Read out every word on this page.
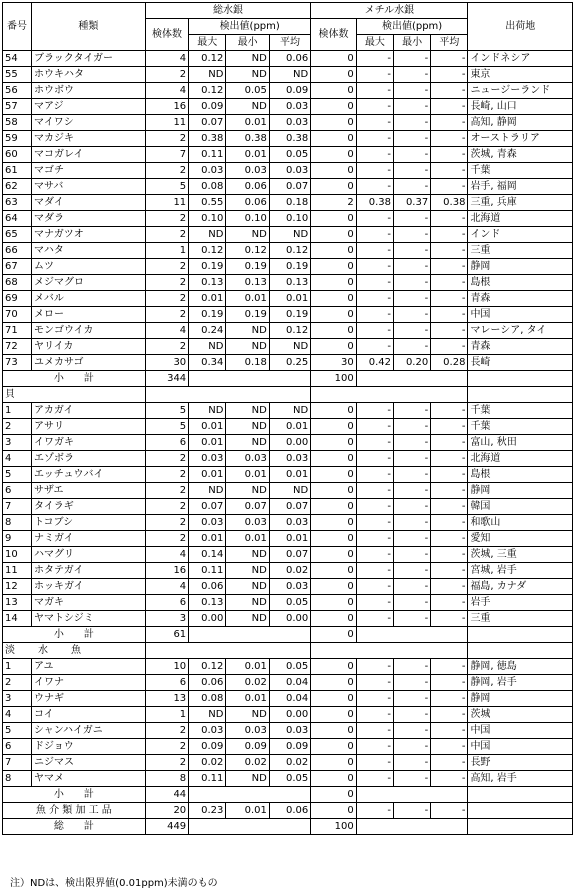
番号	種類	総水銀				メチル水銀				出荷地
		検体数	検出値(ppm)			検体数	検出値(ppm)			
			最大	最小	平均		最大	最小	平均	
54	ブラックタイガー	4	0.12	ND	0.06	0	-	-	-	インドネシア
55	ホウキハタ	2	ND	ND	ND	0	-	-	-	東京
56	ホウボウ	4	0.12	0.05	0.09	0	-	-	-	ニュージーランド
57	マアジ	16	0.09	ND	0.03	0	-	-	-	長崎, 山口
58	マイワシ	11	0.07	0.01	0.03	0	-	-	-	高知, 静岡
59	マカジキ	2	0.38	0.38	0.38	0	-	-	-	オーストラリア
60	マコガレイ	7	0.11	0.01	0.05	0	-	-	-	茨城, 青森
61	マゴチ	2	0.03	0.03	0.03	0	-	-	-	千葉
62	マサバ	5	0.08	0.06	0.07	0	-	-	-	岩手, 福岡
63	マダイ	11	0.55	0.06	0.18	2	0.38	0.37	0.38	三重, 兵庫
64	マダラ	2	0.10	0.10	0.10	0	-	-	-	北海道
65	マナガツオ	2	ND	ND	ND	0	-	-	-	インド
66	マハタ	1	0.12	0.12	0.12	0	-	-	-	三重
67	ムツ	2	0.19	0.19	0.19	0	-	-	-	静岡
68	メジマグロ	2	0.13	0.13	0.13	0	-	-	-	島根
69	メバル	2	0.01	0.01	0.01	0	-	-	-	青森
70	メロー	2	0.19	0.19	0.19	0	-	-	-	中国
71	モンゴウイカ	4	0.24	ND	0.12	0	-	-	-	マレーシア, タイ
72	ヤリイカ	2	ND	ND	ND	0	-	-	-	青森
73	ユメカサゴ	30	0.34	0.18	0.25	30	0.42	0.20	0.28	長崎
小　　計		344				100				
貝										
1	アカガイ	5	ND	ND	ND	0	-	-	-	千葉
2	アサリ	5	0.01	ND	0.01	0	-	-	-	千葉
3	イワガキ	6	0.01	ND	0.00	0	-	-	-	富山, 秋田
4	エゾボラ	2	0.03	0.03	0.03	0	-	-	-	北海道
5	エッチュウバイ	2	0.01	0.01	0.01	0	-	-	-	島根
6	サザエ	2	ND	ND	ND	0	-	-	-	静岡
7	タイラギ	2	0.07	0.07	0.07	0	-	-	-	韓国
8	トコブシ	2	0.03	0.03	0.03	0	-	-	-	和歌山
9	ナミガイ	2	0.01	0.01	0.01	0	-	-	-	愛知
10	ハマグリ	4	0.14	ND	0.07	0	-	-	-	茨城, 三重
11	ホタテガイ	16	0.11	ND	0.02	0	-	-	-	宮城, 岩手
12	ホッキガイ	4	0.06	ND	0.03	0	-	-	-	福島, カナダ
13	マガキ	6	0.13	ND	0.05	0	-	-	-	岩手
14	ヤマトシジミ	3	0.00	ND	0.00	0	-	-	-	三重
小　　計		61				0				
淡　　水　　魚										
1	アユ	10	0.12	0.01	0.05	0	-	-	-	静岡, 徳島
2	イワナ	6	0.06	0.02	0.04	0	-	-	-	静岡, 岩手
3	ウナギ	13	0.08	0.01	0.04	0	-	-	-	静岡
4	コイ	1	ND	ND	0.00	0	-	-	-	茨城
5	シャンハイガニ	2	0.03	0.03	0.03	0	-	-	-	中国
6	ドジョウ	2	0.09	0.09	0.09	0	-	-	-	中国
7	ニジマス	2	0.02	0.02	0.02	0	-	-	-	長野
8	ヤマメ	8	0.11	ND	0.05	0	-	-	-	高知, 岩手
小　　計		44				0				
魚 介 類 加 工 品		20	0.23	0.01	0.06	0	-	-	-	
総　　計		449				100				
注）NDは、検出限界値(0.01ppm)未満のもの
